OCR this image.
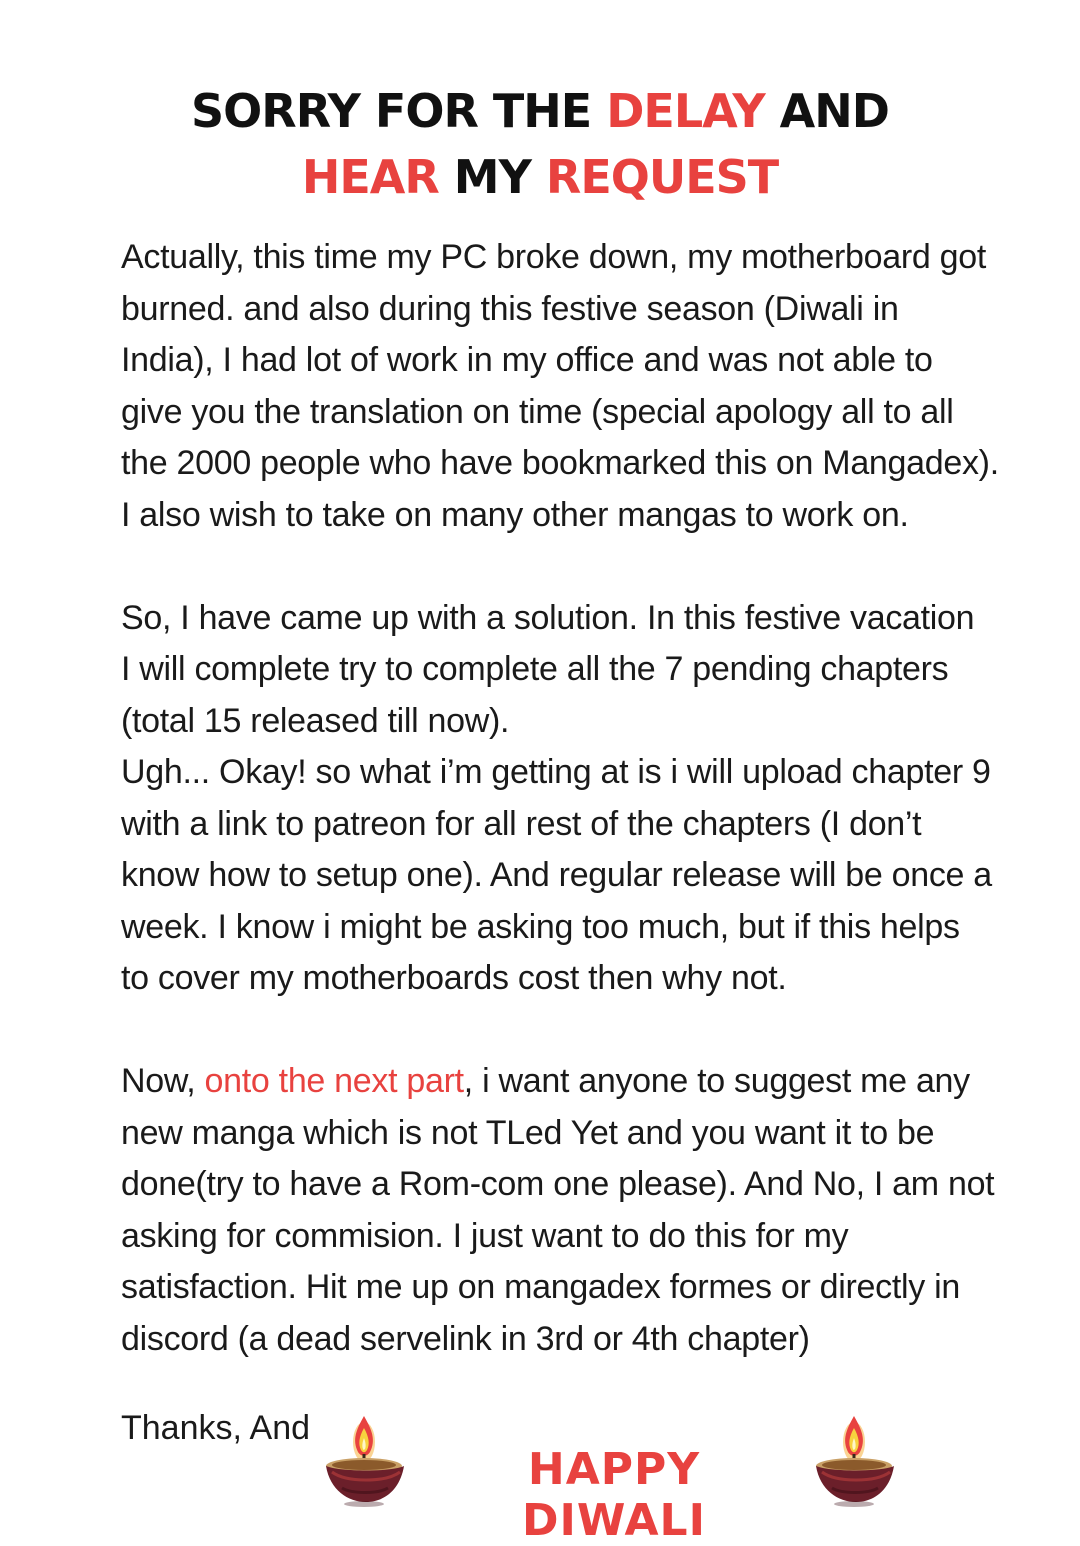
SORRY FOR THE DELAY AND
HEAR MY REQUEST

Actually, this time my PC broke down, my motherboard got

burned. and also during this festive season (Diwali in

India), I had lot of work in my office and was not able to

give you the translation on time (special apology all to all

the 2000 people who have bookmarked this on Mangadex).

I also wish to take on many other mangas to work on.

So, I have came up with a solution. In this festive vacation

I will complete try to complete all the 7 pending chapters

(total 15 released till now).

Ugh... Okay! so what i’m getting at is i will upload chapter 9

with a link to patreon for all rest of the chapters (I don’t

know how to setup one). And regular release will be once a

week. I know i might be asking too much, but if this helps

to cover my motherboards cost then why not.

Now, onto the next part, i want anyone to suggest me any

new manga which is not TLed Yet and you want it to be

done(try to have a Rom-com one please). And No, I am not

asking for commision. I just want to do this for my

satisfaction. Hit me up on mangadex formes or directly in

discord (a dead servelink in 3rd or 4th chapter)

Thanks, And
HAPPY DIWALI
